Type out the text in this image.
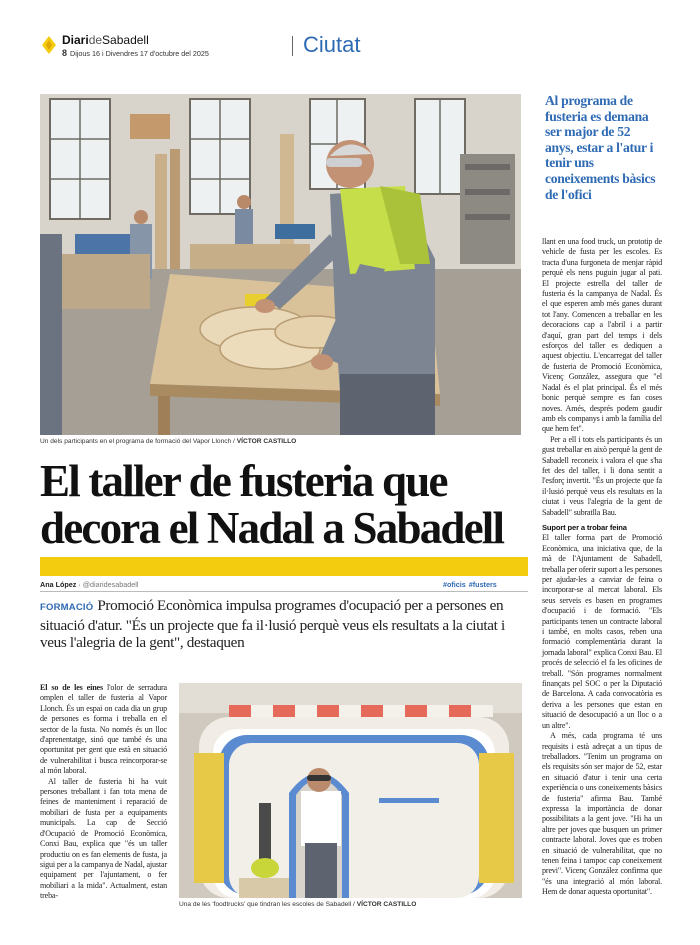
DiarideSabadell
8 Dijous 16 i Divendres 17 d'octubre del 2025	Ciutat
Un dels participants en el programa de formació del Vapor Llonch / VÍCTOR CASTILLO
Al programa de fusteria es demana ser major de 52 anys, estar a l'atur i tenir uns coneixements bàsics de l'ofici
El taller de fusteria que decora el Nadal a Sabadell
Ana López · @diaridesabadell	#oficis #fusters
FORMACIÓ Promoció Econòmica impulsa programes d'ocupació per a persones en situació d'atur. "És un projecte que fa il·lusió perquè veus els resultats a la ciutat i veus l'alegria de la gent", destaquen

El so de les eines l'olor de serradura omplen el taller de fusteria al Vapor Llonch. És un espai on cada dia un grup de persones es forma i treballa en el sector de la fusta. No només és un lloc d'aprenentatge, sinó que també és una oportunitat per gent que està en situació de vulnerabilitat i busca reincorporar-se al món laboral.

Al taller de fusteria hi ha vuit persones treballant i fan tota mena de feines de manteniment i reparació de mobiliari de fusta per a equipaments municipals. La cap de Secció d'Ocupació de Promoció Econòmica, Conxi Bau, explica que "és un taller productiu on es fan elements de fusta, ja sigui per a la campanya de Nadal, ajustar equipament per l'ajuntament, o fer mobiliari a la mida". Actualment, estan treba-

Una de les 'foodtrucks' que tindran les escoles de Sabadell / VÍCTOR CASTILLO

llant en una food truck, un prototip de vehicle de fusta per les escoles. Es tracta d'una furgoneta de menjar ràpid perquè els nens puguin jugar al pati. El projecte estrella del taller de fusteria és la campanya de Nadal. És el que esperen amb més ganes durant tot l'any. Comencen a treballar en les decoracions cap a l'abril i a partir d'aquí, gran part del temps i dels esforços del taller es dediquen a aquest objectiu. L'encarregat del taller de fusteria de Promoció Econòmica, Vicenç González, assegura que "el Nadal és el plat principal. És el més bonic perquè sempre es fan coses noves. Amés, després podem gaudir amb els companys i amb la família del que hem fet".

Per a ell i tots els participants és un gust treballar en això perquè la gent de Sabadell reconeix i valora el que s'ha fet des del taller, i li dona sentit a l'esforç invertit. "És un projecte que fa il·lusió perquè veus els resultats en la ciutat i veus l'alegria de la gent de Sabadell" subratlla Bau.

Suport per a trobar feina

El taller forma part de Promoció Econòmica, una iniciativa que, de la mà de l'Ajuntament de Sabadell, treballa per oferir suport a les persones per ajudar-les a canviar de feina o incorporar-se al mercat laboral. Els seus serveis es basen en programes d'ocupació i de formació. "Els participants tenen un contracte laboral i també, en molts casos, reben una formació complementària durant la jornada laboral" explica Conxi Bau. El procés de selecció el fa les oficines de treball. "Són programes normalment finançats pel SOC o per la Diputació de Barcelona. A cada convocatòria es deriva a les persones que estan en situació de desocupació a un lloc o a un altre".

A més, cada programa té uns requisits i està adreçat a un tipus de treballadors. "Tenim un programa on els requisits són ser major de 52, estar en situació d'atur i tenir una certa experiència o uns coneixements bàsics de fusteria" afirma Bau. També expressa la importància de donar possibilitats a la gent jove. "Hi ha un altre per joves que busquen un primer contracte laboral. Joves que es troben en situació de vulnerabilitat, que no tenen feina i tampoc cap coneixement previ". Vicenç González confirma que "és una integració al món laboral. Hem de donar aquesta oportunitat".
